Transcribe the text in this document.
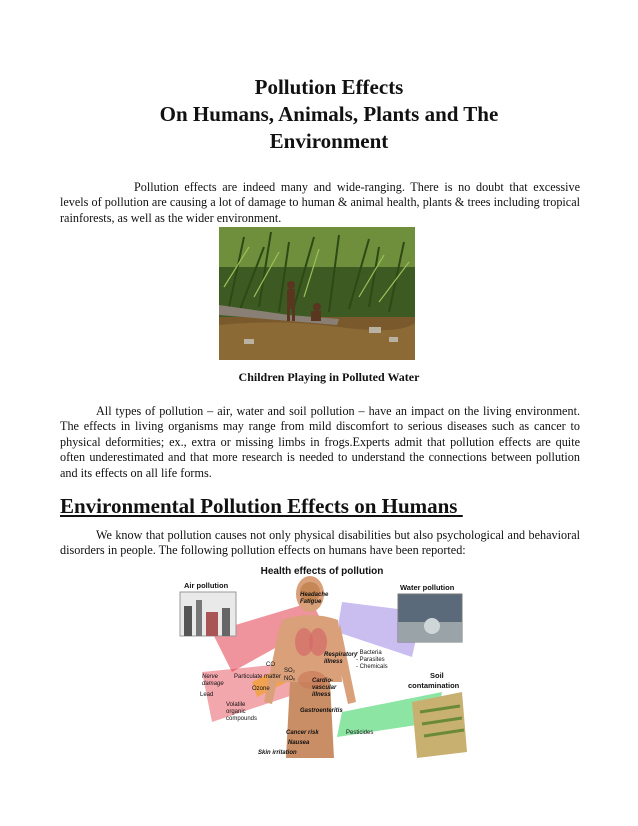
Pollution Effects
On Humans, Animals, Plants and The
Environment

Pollution effects are indeed many and wide-ranging. There is no doubt that excessive levels of pollution are causing a lot of damage to human & animal health, plants & trees including tropical rainforests, as well as the wider environment.

Children Playing in Polluted Water

All types of pollution – air, water and soil pollution – have an impact on the living environment. The effects in living organisms may range from mild discomfort to serious diseases such as cancer to physical deformities; ex., extra or missing limbs in frogs.Experts admit that pollution effects are quite often underestimated and that more research is needed to understand the connections between pollution and its effects on all life forms.

Environmental Pollution Effects on Humans

We know that pollution causes not only physical disabilities but also psychological and behavioral disorders in people. The following pollution effects on humans have been reported:

Health effects of pollution
Air pollution	Water pollution
Soil
contamination
Headache
Fatigue
Respiratory
illness
Cardio-
vascular
illness
Gastroenteritis
Cancer risk
Nausea
Skin irritation
CO
Particulate matter
Ozone
Nerve
damage
Lead
Volatile
organic
compounds
SO₂
NOₓ
- Bacteria
- Parasites
- Chemicals
Pesticides
